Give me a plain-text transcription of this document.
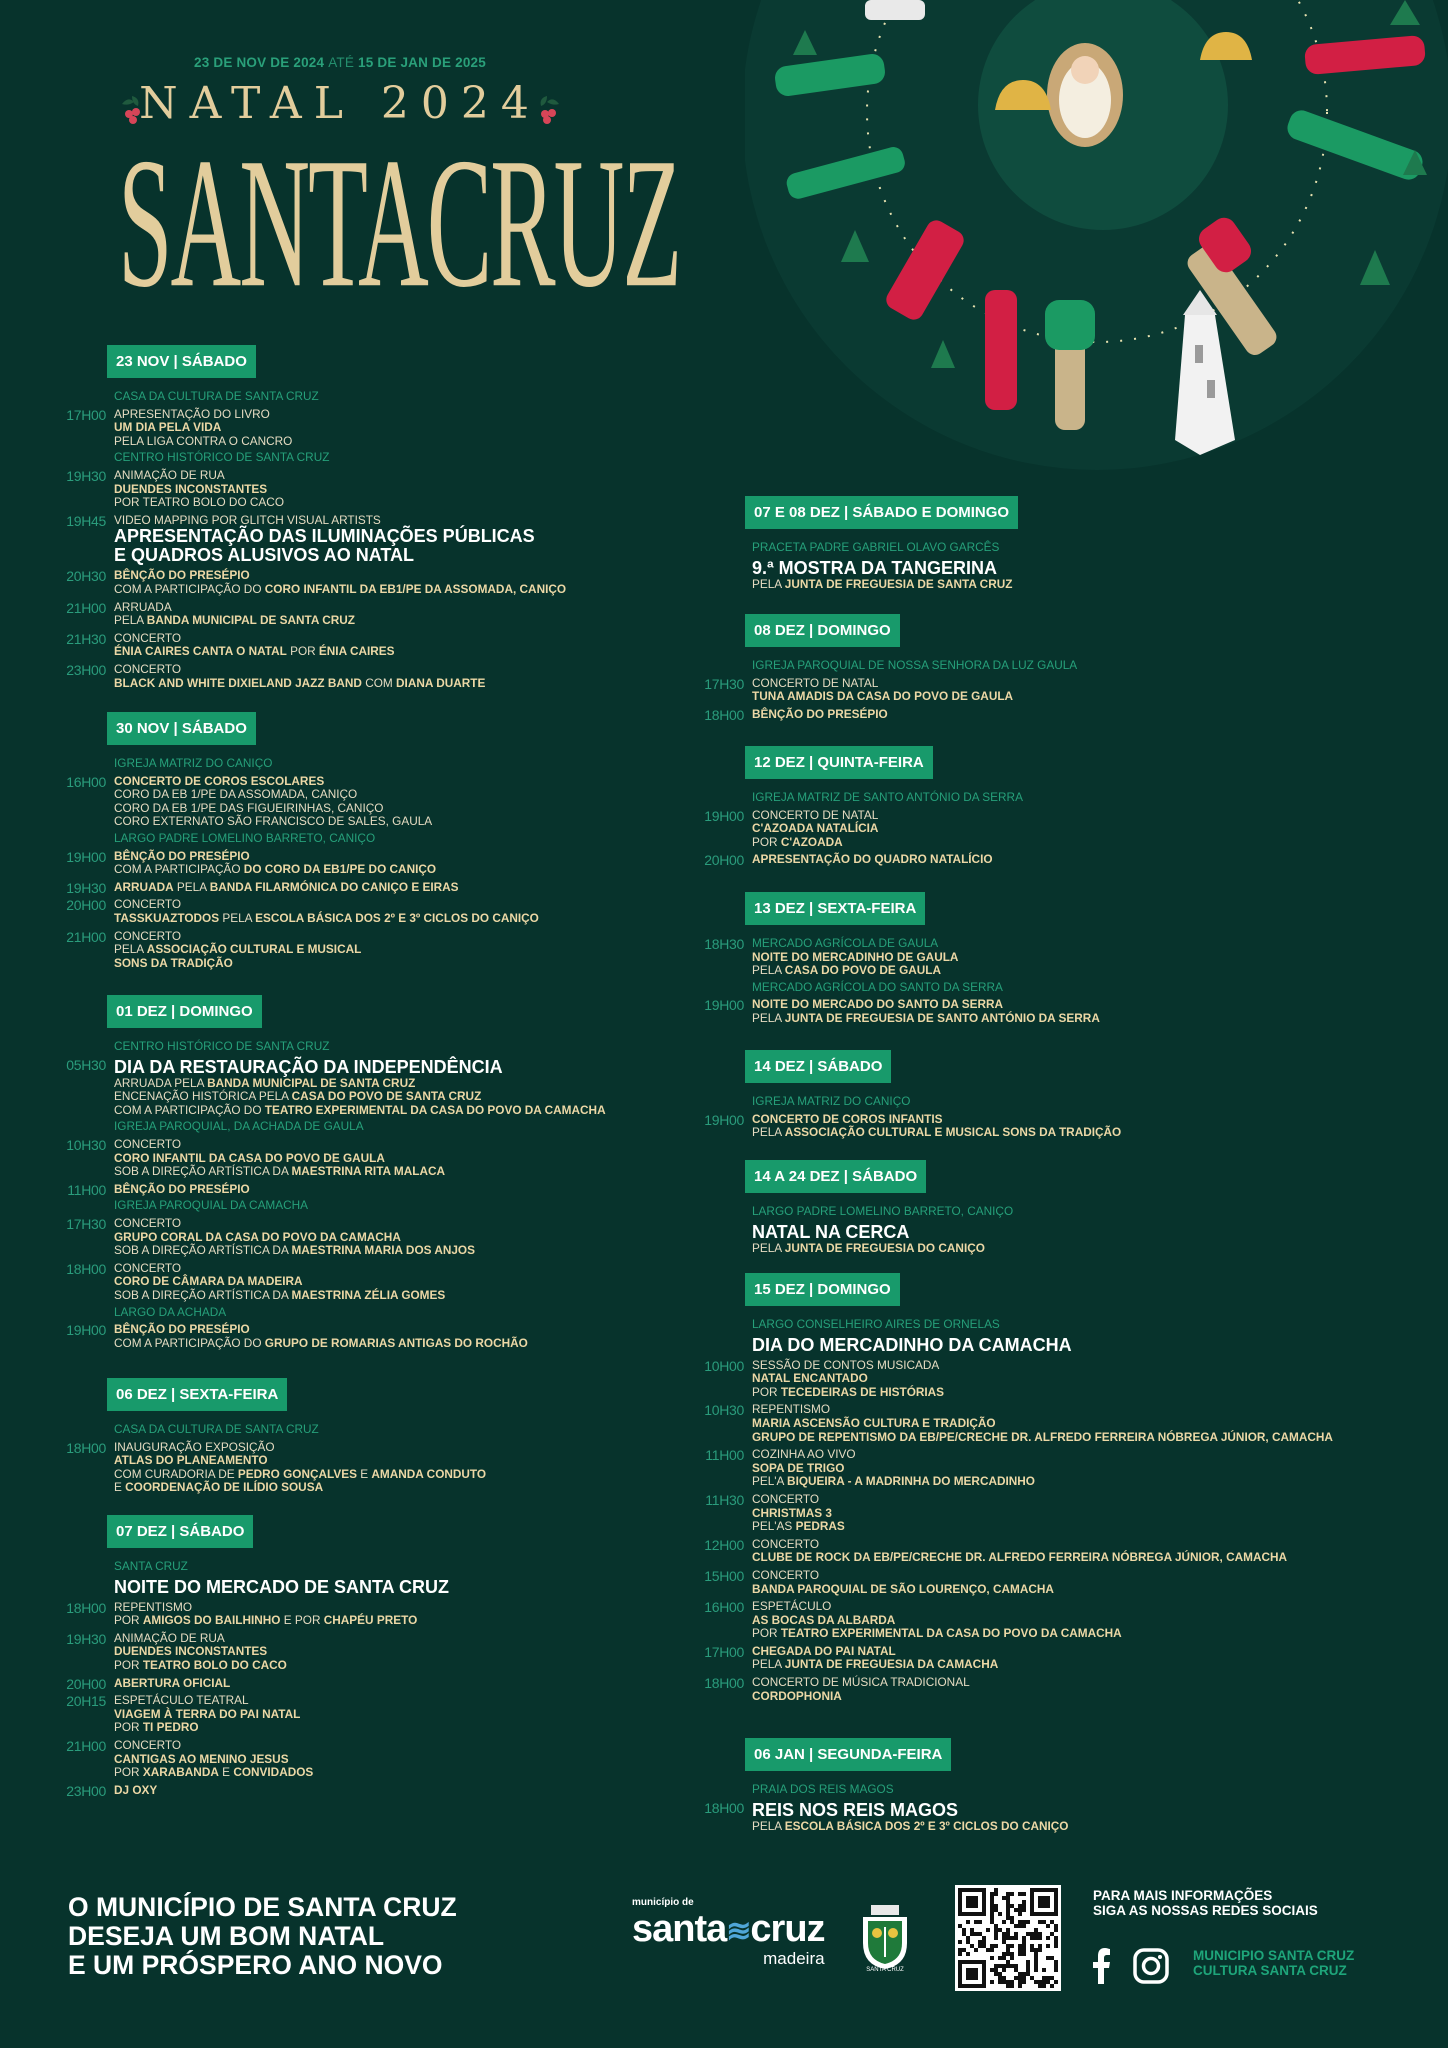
23 DE NOV DE 2024 ATÉ 15 DE JAN DE 2025
NATAL 2024
SANTACRUZ
23 NOV | SÁBADO
CASA DA CULTURA DE SANTA CRUZ
17H00 APRESENTAÇÃO DO LIVRO
UM DIA PELA VIDA
PELA LIGA CONTRA O CANCRO
CENTRO HISTÓRICO DE SANTA CRUZ
19H30 ANIMAÇÃO DE RUA
DUENDES INCONSTANTES
POR TEATRO BOLO DO CACO
19H45 VIDEO MAPPING POR GLITCH VISUAL ARTISTS
APRESENTAÇÃO DAS ILUMINAÇÕES PÚBLICAS
E QUADROS ALUSIVOS AO NATAL
20H30 BÊNÇÃO DO PRESÉPIO
COM A PARTICIPAÇÃO DO CORO INFANTIL DA EB1/PE DA ASSOMADA, CANIÇO
21H00 ARRUADA
PELA BANDA MUNICIPAL DE SANTA CRUZ
21H30 CONCERTO
ÉNIA CAIRES CANTA O NATAL POR ÉNIA CAIRES
23H00 CONCERTO
BLACK AND WHITE DIXIELAND JAZZ BAND COM DIANA DUARTE
30 NOV | SÁBADO
IGREJA MATRIZ DO CANIÇO
16H00 CONCERTO DE COROS ESCOLARES
CORO DA EB 1/PE DA ASSOMADA, CANIÇO
CORO DA EB 1/PE DAS FIGUEIRINHAS, CANIÇO
CORO EXTERNATO SÃO FRANCISCO DE SALES, GAULA
LARGO PADRE LOMELINO BARRETO, CANIÇO
19H00 BÊNÇÃO DO PRESÉPIO
COM A PARTICIPAÇÃO DO CORO DA EB1/PE DO CANIÇO
19H30 ARRUADA PELA BANDA FILARMÓNICA DO CANIÇO E EIRAS
20H00 CONCERTO
TASSKUAZTODOS PELA ESCOLA BÁSICA DOS 2º E 3º CICLOS DO CANIÇO
21H00 CONCERTO
PELA ASSOCIAÇÃO CULTURAL E MUSICAL
SONS DA TRADIÇÃO
01 DEZ | DOMINGO
CENTRO HISTÓRICO DE SANTA CRUZ
05H30 DIA DA RESTAURAÇÃO DA INDEPENDÊNCIA
ARRUADA PELA BANDA MUNICIPAL DE SANTA CRUZ
ENCENAÇÃO HISTÓRICA PELA CASA DO POVO DE SANTA CRUZ
COM A PARTICIPAÇÃO DO TEATRO EXPERIMENTAL DA CASA DO POVO DA CAMACHA
IGREJA PAROQUIAL, DA ACHADA DE GAULA
10H30 CONCERTO
CORO INFANTIL DA CASA DO POVO DE GAULA
SOB A DIREÇÃO ARTÍSTICA DA MAESTRINA RITA MALACA
11H00 BÊNÇÃO DO PRESÉPIO
IGREJA PAROQUIAL DA CAMACHA
17H30 CONCERTO
GRUPO CORAL DA CASA DO POVO DA CAMACHA
SOB A DIREÇÃO ARTÍSTICA DA MAESTRINA MARIA DOS ANJOS
18H00 CONCERTO
CORO DE CÂMARA DA MADEIRA
SOB A DIREÇÃO ARTÍSTICA DA MAESTRINA ZÉLIA GOMES
LARGO DA ACHADA
19H00 BÊNÇÃO DO PRESÉPIO
COM A PARTICIPAÇÃO DO GRUPO DE ROMARIAS ANTIGAS DO ROCHÃO
06 DEZ | SEXTA-FEIRA
CASA DA CULTURA DE SANTA CRUZ
18H00 INAUGURAÇÃO EXPOSIÇÃO
ATLAS DO PLANEAMENTO
COM CURADORIA DE PEDRO GONÇALVES E AMANDA CONDUTO
E COORDENAÇÃO DE ILÍDIO SOUSA
07 DEZ | SÁBADO
SANTA CRUZ
NOITE DO MERCADO DE SANTA CRUZ
18H00 REPENTISMO
POR AMIGOS DO BAILHINHO E POR CHAPÉU PRETO
19H30 ANIMAÇÃO DE RUA
DUENDES INCONSTANTES
POR TEATRO BOLO DO CACO
20H00 ABERTURA OFICIAL
20H15 ESPETÁCULO TEATRAL
VIAGEM À TERRA DO PAI NATAL
POR TI PEDRO
21H00 CONCERTO
CANTIGAS AO MENINO JESUS
POR XARABANDA E CONVIDADOS
23H00 DJ OXY
07 E 08 DEZ | SÁBADO E DOMINGO
PRACETA PADRE GABRIEL OLAVO GARCÊS
9.ª MOSTRA DA TANGERINA
PELA JUNTA DE FREGUESIA DE SANTA CRUZ
08 DEZ | DOMINGO
IGREJA PAROQUIAL DE NOSSA SENHORA DA LUZ GAULA
17H30 CONCERTO DE NATAL
TUNA AMADIS DA CASA DO POVO DE GAULA
18H00 BÊNÇÃO DO PRESÉPIO
12 DEZ | QUINTA-FEIRA
IGREJA MATRIZ DE SANTO ANTÓNIO DA SERRA
19H00 CONCERTO DE NATAL
C'AZOADA NATALÍCIA
POR C'AZOADA
20H00 APRESENTAÇÃO DO QUADRO NATALÍCIO
13 DEZ | SEXTA-FEIRA
18H30 MERCADO AGRÍCOLA DE GAULA
NOITE DO MERCADINHO DE GAULA
PELA CASA DO POVO DE GAULA
MERCADO AGRÍCOLA DO SANTO DA SERRA
19H00 NOITE DO MERCADO DO SANTO DA SERRA
PELA JUNTA DE FREGUESIA DE SANTO ANTÓNIO DA SERRA
14 DEZ | SÁBADO
IGREJA MATRIZ DO CANIÇO
19H00 CONCERTO DE COROS INFANTIS
PELA ASSOCIAÇÃO CULTURAL E MUSICAL SONS DA TRADIÇÃO
14 A 24 DEZ | SÁBADO
LARGO PADRE LOMELINO BARRETO, CANIÇO
NATAL NA CERCA
PELA JUNTA DE FREGUESIA DO CANIÇO
15 DEZ | DOMINGO
LARGO CONSELHEIRO AIRES DE ORNELAS
DIA DO MERCADINHO DA CAMACHA
10H00 SESSÃO DE CONTOS MUSICADA
NATAL ENCANTADO
POR TECEDEIRAS DE HISTÓRIAS
10H30 REPENTISMO
MARIA ASCENSÃO CULTURA E TRADIÇÃO
GRUPO DE REPENTISMO DA EB/PE/CRECHE DR. ALFREDO FERREIRA NÓBREGA JÚNIOR, CAMACHA
11H00 COZINHA AO VIVO
SOPA DE TRIGO
PEL'A BIQUEIRA - A MADRINHA DO MERCADINHO
11H30 CONCERTO
CHRISTMAS 3
PEL'AS PEDRAS
12H00 CONCERTO
CLUBE DE ROCK DA EB/PE/CRECHE DR. ALFREDO FERREIRA NÓBREGA JÚNIOR, CAMACHA
15H00 CONCERTO
BANDA PAROQUIAL DE SÃO LOURENÇO, CAMACHA
16H00 ESPETÁCULO
AS BOCAS DA ALBARDA
POR TEATRO EXPERIMENTAL DA CASA DO POVO DA CAMACHA
17H00 CHEGADA DO PAI NATAL
PELA JUNTA DE FREGUESIA DA CAMACHA
18H00 CONCERTO DE MÚSICA TRADICIONAL
CORDOPHONIA
06 JAN | SEGUNDA-FEIRA
PRAIA DOS REIS MAGOS
18H00 REIS NOS REIS MAGOS
PELA ESCOLA BÁSICA DOS 2º E 3º CICLOS DO CANIÇO
O MUNICÍPIO DE SANTA CRUZ
DESEJA UM BOM NATAL
E UM PRÓSPERO ANO NOVO
município de
santa≋cruz
madeira
SANTA CRUZ
PARA MAIS INFORMAÇÕES
SIGA AS NOSSAS REDES SOCIAIS
MUNICIPIO SANTA CRUZ
CULTURA SANTA CRUZ
